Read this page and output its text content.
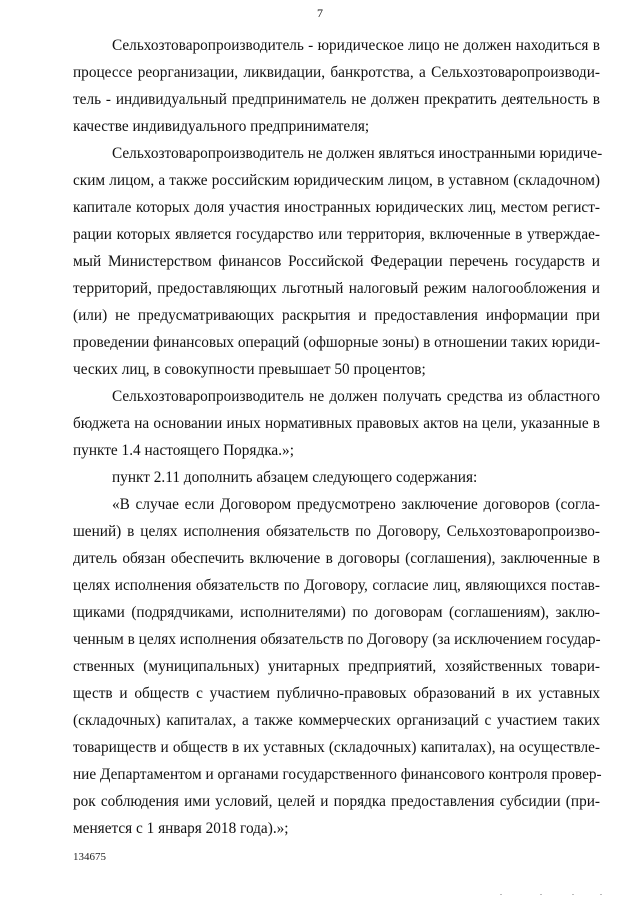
7
Сельхозтоваропроизводитель - юридическое лицо не должен находиться в
процессе реорганизации, ликвидации, банкротства, а Сельхозтоваропроизводи-
тель - индивидуальный предприниматель не должен прекратить деятельность в
качестве индивидуального предпринимателя;
Сельхозтоваропроизводитель не должен являться иностранными юридиче-
ским лицом, а также российским юридическим лицом, в уставном (складочном)
капитале которых доля участия иностранных юридических лиц, местом регист-
рации которых является государство или территория, включенные в утверждае-
мый Министерством финансов Российской Федерации перечень государств и
территорий, предоставляющих льготный налоговый режим налогообложения и
(или) не предусматривающих раскрытия и предоставления информации при
проведении финансовых операций (офшорные зоны) в отношении таких юриди-
ческих лиц, в совокупности превышает 50 процентов;
Сельхозтоваропроизводитель не должен получать средства из областного
бюджета на основании иных нормативных правовых актов на цели, указанные в
пункте 1.4 настоящего Порядка.»;
пункт 2.11 дополнить абзацем следующего содержания:
«В случае если Договором предусмотрено заключение договоров (согла-
шений) в целях исполнения обязательств по Договору, Сельхозтоваропроизво-
дитель обязан обеспечить включение в договоры (соглашения), заключенные в
целях исполнения обязательств по Договору, согласие лиц, являющихся постав-
щиками (подрядчиками, исполнителями) по договорам (соглашениям), заклю-
ченным в целях исполнения обязательств по Договору (за исключением государ-
ственных (муниципальных) унитарных предприятий, хозяйственных товари-
ществ и обществ с участием публично-правовых образований в их уставных
(складочных) капиталах, а также коммерческих организаций с участием таких
товариществ и обществ в их уставных (складочных) капиталах), на осуществле-
ние Департаментом и органами государственного финансового контроля провер-
рок соблюдения ими условий, целей и порядка предоставления субсидии (при-
меняется с 1 января 2018 года).»;
134675
